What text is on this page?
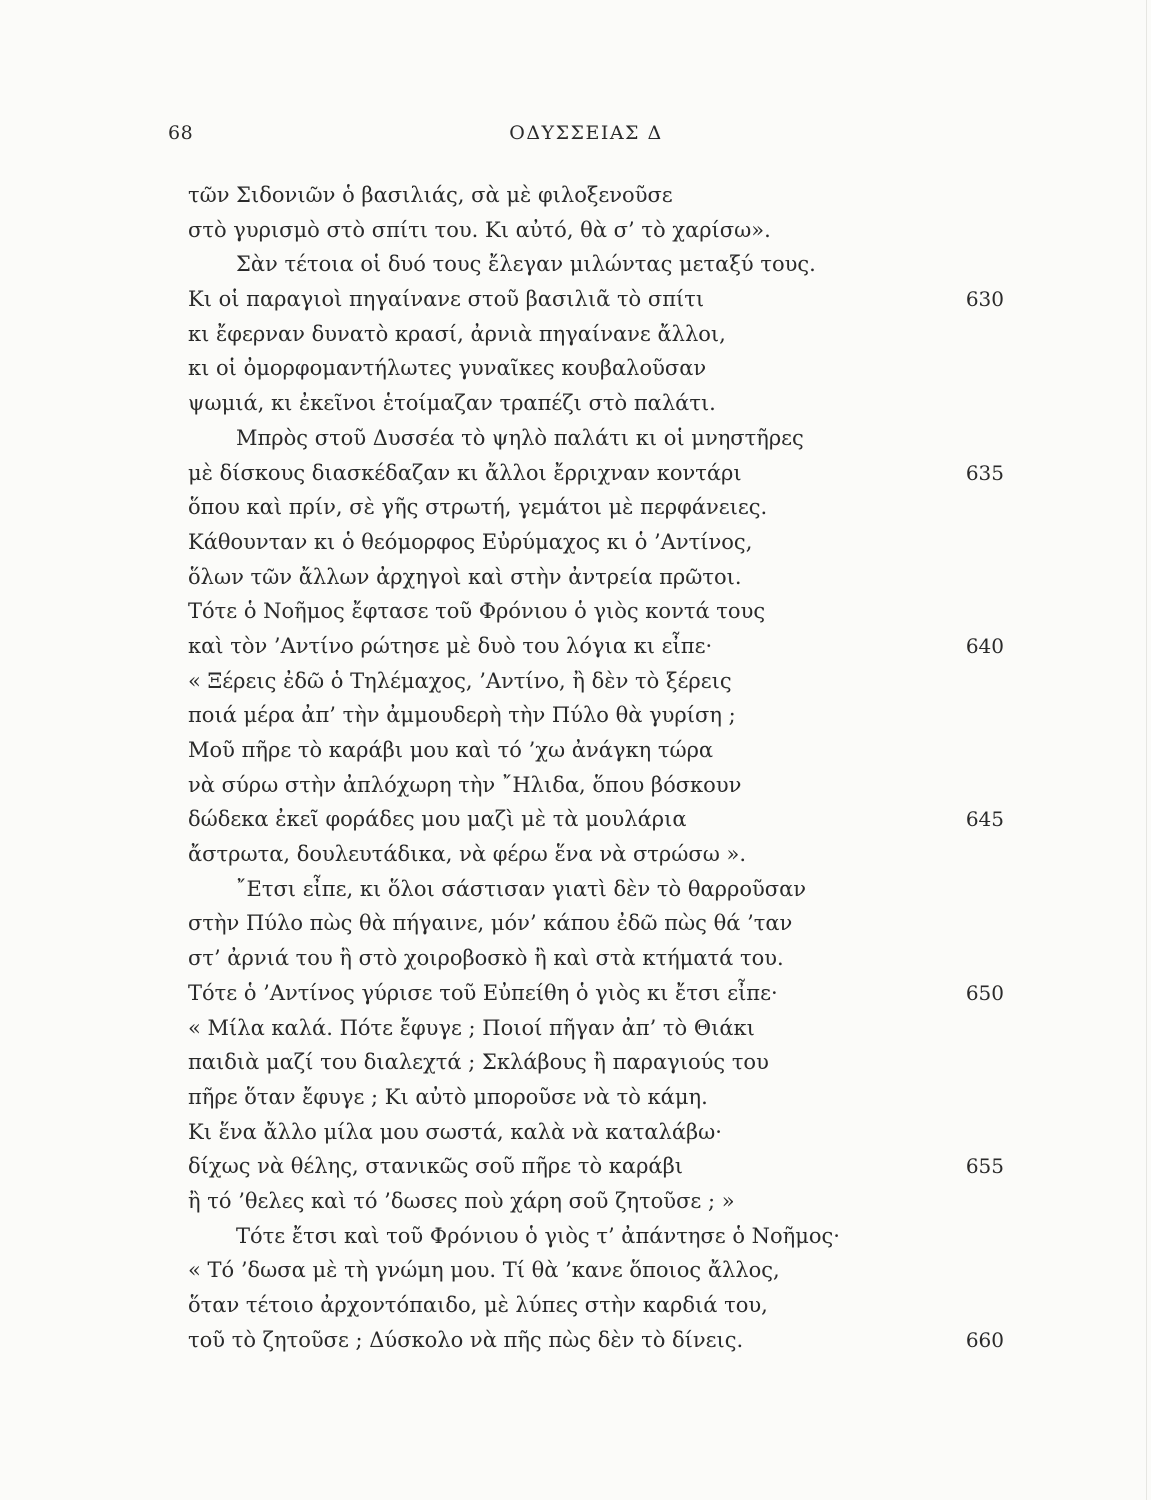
68	ΟΔΥΣΣΕΙΑΣ Δ
τῶν Σιδονιῶν ὁ βασιλιάς, σὰ μὲ φιλοξενοῦσε
στὸ γυρισμὸ στὸ σπίτι του. Κι αὐτό, θὰ σ’ τὸ χαρίσω».
Σὰν τέτοια οἱ δυό τους ἔλεγαν μιλώντας μεταξύ τους.
Κι οἱ παραγιοὶ πηγαίνανε στοῦ βασιλιᾶ τὸ σπίτι	630
κι ἔφερναν δυνατὸ κρασί, ἀρνιὰ πηγαίνανε ἄλλοι,
κι οἱ ὀμορφομαντήλωτες γυναῖκες κουβαλοῦσαν
ψωμιά, κι ἐκεῖνοι ἑτοίμαζαν τραπέζι στὸ παλάτι.
Μπρὸς στοῦ Δυσσέα τὸ ψηλὸ παλάτι κι οἱ μνηστῆρες
μὲ δίσκους διασκέδαζαν κι ἄλλοι ἔρριχναν κοντάρι	635
ὅπου καὶ πρίν, σὲ γῆς στρωτή, γεμάτοι μὲ περφάνειες.
Κάθουνταν κι ὁ θεόμορφος Εὐρύμαχος κι ὁ ’Αντίνος,
ὅλων τῶν ἄλλων ἀρχηγοὶ καὶ στὴν ἀντρεία πρῶτοι.
Τότε ὁ Νοῆμος ἔφτασε τοῦ Φρόνιου ὁ γιὸς κοντά τους
καὶ τὸν ’Αντίνο ρώτησε μὲ δυὸ του λόγια κι εἶπε·	640
« Ξέρεις ἐδῶ ὁ Τηλέμαχος, ’Αντίνο, ἢ δὲν τὸ ξέρεις
ποιά μέρα ἀπ’ τὴν ἀμμουδερὴ τὴν Πύλο θὰ γυρίση ;
Μοῦ πῆρε τὸ καράβι μου καὶ τό ’χω ἀνάγκη τώρα
νὰ σύρω στὴν ἀπλόχωρη τὴν ῎Ηλιδα, ὅπου βόσκουν
δώδεκα ἐκεῖ φοράδες μου μαζὶ μὲ τὰ μουλάρια	645
ἄστρωτα, δουλευτάδικα, νὰ φέρω ἕνα νὰ στρώσω ».
῎Ετσι εἶπε, κι ὅλοι σάστισαν γιατὶ δὲν τὸ θαρροῦσαν
στὴν Πύλο πὼς θὰ πήγαινε, μόν’ κάπου ἐδῶ πὼς θά ’ταν
στ’ ἀρνιά του ἢ στὸ χοιροβοσκὸ ἢ καὶ στὰ κτήματά του.
Τότε ὁ ’Αντίνος γύρισε τοῦ Εὐπείθη ὁ γιὸς κι ἔτσι εἶπε·	650
« Μίλα καλά. Πότε ἔφυγε ; Ποιοί πῆγαν ἀπ’ τὸ Θιάκι
παιδιὰ μαζί του διαλεχτά ; Σκλάβους ἢ παραγιούς του
πῆρε ὅταν ἔφυγε ; Κι αὐτὸ μποροῦσε νὰ τὸ κάμη.
Κι ἕνα ἄλλο μίλα μου σωστά, καλὰ νὰ καταλάβω·
δίχως νὰ θέλης, στανικῶς σοῦ πῆρε τὸ καράβι	655
ἢ τό ’θελες καὶ τό ’δωσες ποὺ χάρη σοῦ ζητοῦσε ; »
Τότε ἔτσι καὶ τοῦ Φρόνιου ὁ γιὸς τ’ ἀπάντησε ὁ Νοῆμος·
« Τό ’δωσα μὲ τὴ γνώμη μου. Τί θὰ ’κανε ὅποιος ἄλλος,
ὅταν τέτοιο ἀρχοντόπαιδο, μὲ λύπες στὴν καρδιά του,
τοῦ τὸ ζητοῦσε ; Δύσκολο νὰ πῆς πὼς δὲν τὸ δίνεις.	660
